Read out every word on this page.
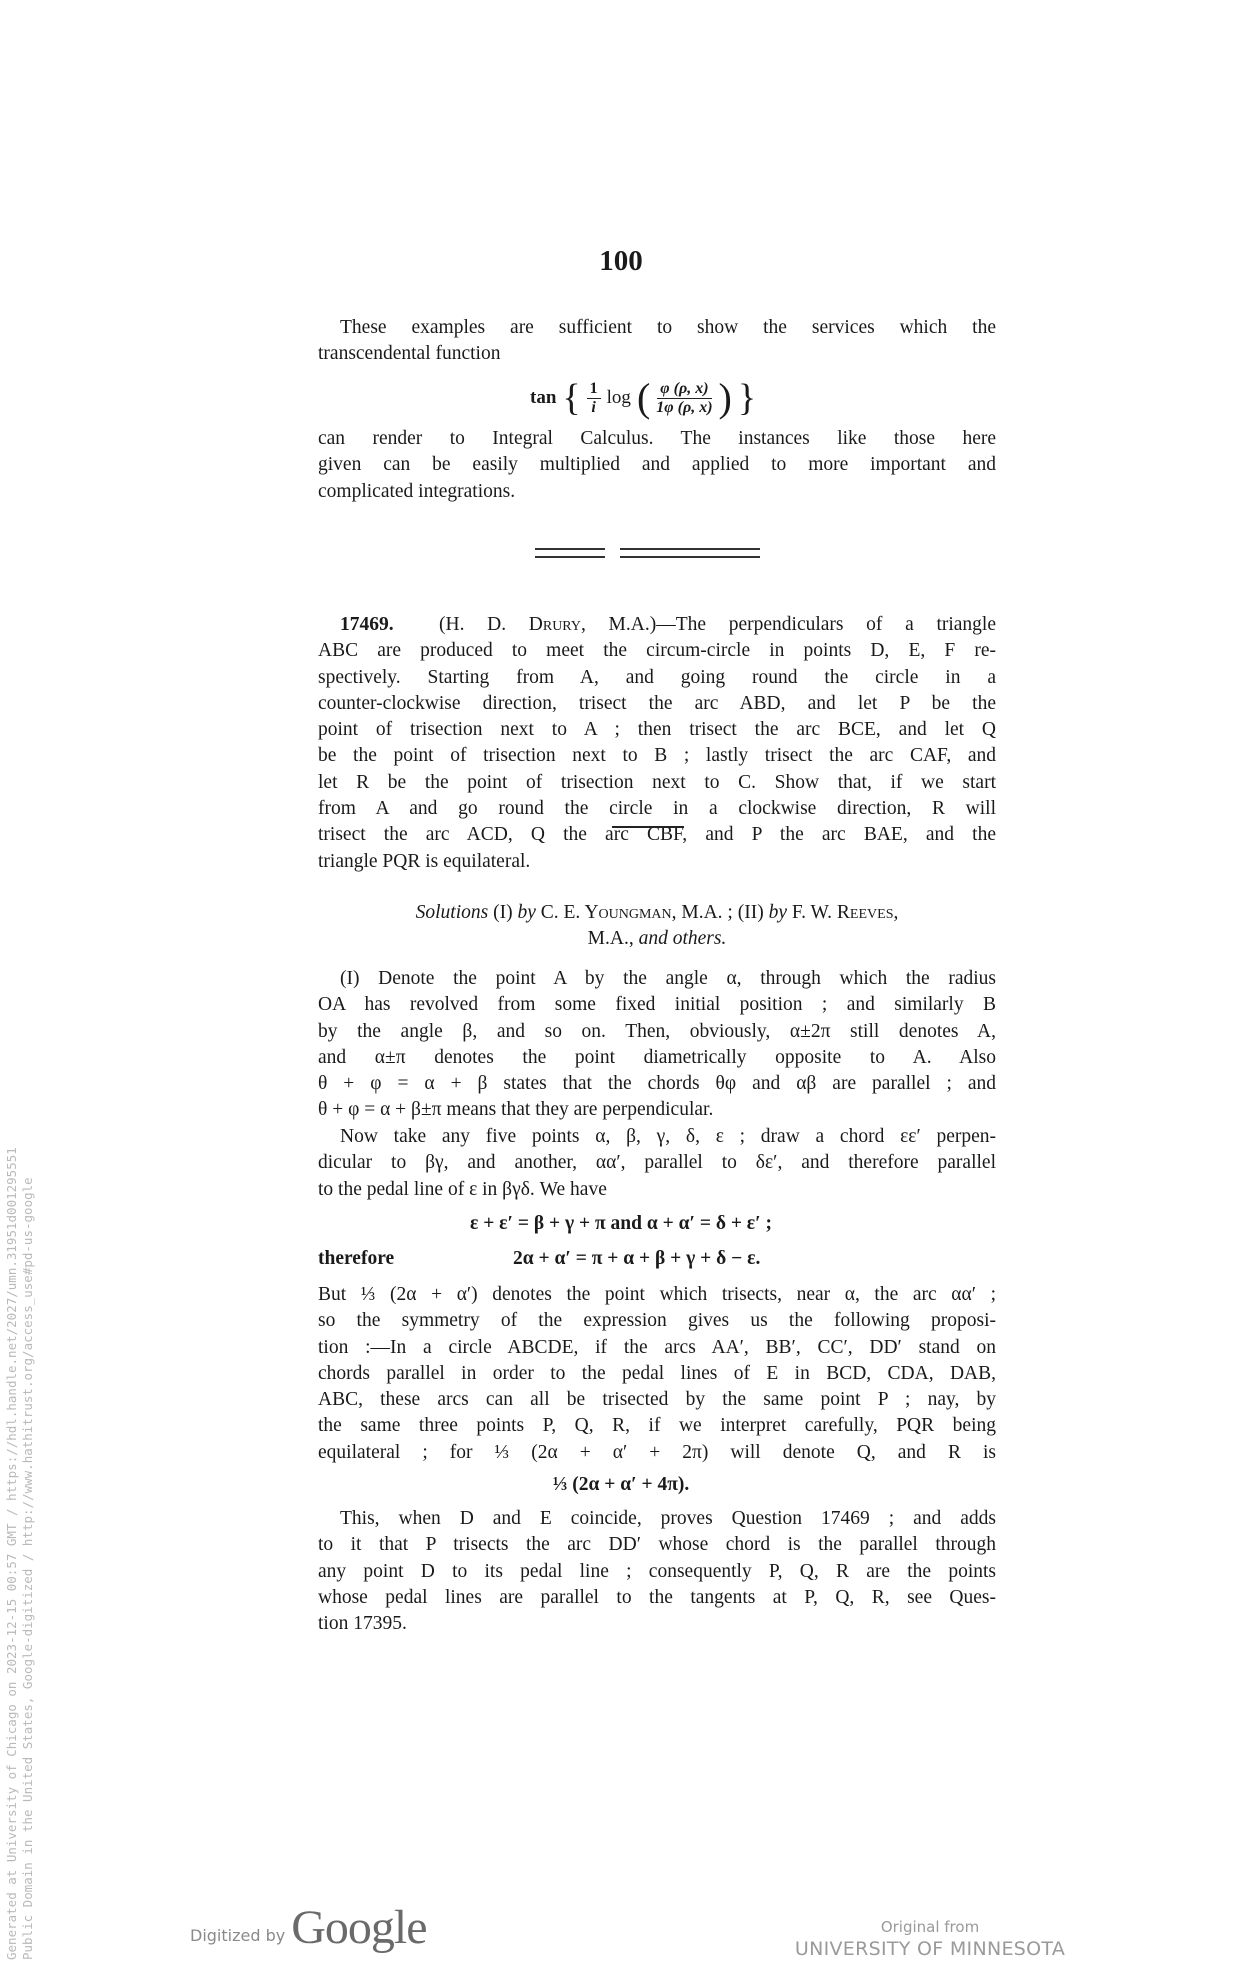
100
These examples are sufficient to show the services which the
transcendental function
tan { $\frac{1}{i}$ log ( $\frac{\varphi (\rho, x)}{1\varphi (\rho, x)}$ ) }
can render to Integral Calculus. The instances like those here
given can be easily multiplied and applied to more important and
complicated integrations.
17469. (H. D. Drury, M.A.)—The perpendiculars of a triangle
ABC are produced to meet the circum-circle in points D, E, F re-
spectively. Starting from A, and going round the circle in a
counter-clockwise direction, trisect the arc ABD, and let P be the
point of trisection next to A ; then trisect the arc BCE, and let Q
be the point of trisection next to B ; lastly trisect the arc CAF, and
let R be the point of trisection next to C. Show that, if we start
from A and go round the circle in a clockwise direction, R will
trisect the arc ACD, Q the arc CBF, and P the arc BAE, and the
triangle PQR is equilateral.
Solutions (I) by C. E. Youngman, M.A. ; (II) by F. W. Reeves,
M.A., and others.
(I) Denote the point A by the angle α, through which the radius
OA has revolved from some fixed initial position ; and similarly B
by the angle β, and so on. Then, obviously, α±2π still denotes A,
and α±π denotes the point diametrically opposite to A. Also
θ + φ = α + β states that the chords θφ and αβ are parallel ; and
θ + φ = α + β±π means that they are perpendicular.
Now take any five points α, β, γ, δ, ε ; draw a chord εε′ perpen-
dicular to βγ, and another, αα′, parallel to δε′, and therefore parallel
to the pedal line of ε in βγδ. We have
ε + ε′ = β + γ + π and α + α′ = δ + ε′ ;
therefore	2α + α′ = π + α + β + γ + δ − ε.
But ⅓ (2α + α′) denotes the point which trisects, near α, the arc αα′ ;
so the symmetry of the expression gives us the following proposi-
tion :—In a circle ABCDE, if the arcs AA′, BB′, CC′, DD′ stand on
chords parallel in order to the pedal lines of E in BCD, CDA, DAB,
ABC, these arcs can all be trisected by the same point P ; nay, by
the same three points P, Q, R, if we interpret carefully, PQR being
equilateral ; for ⅓ (2α + α′ + 2π) will denote Q, and R is
⅓ (2α + α′ + 4π).
This, when D and E coincide, proves Question 17469 ; and adds
to it that P trisects the arc DD′ whose chord is the parallel through
any point D to its pedal line ; consequently P, Q, R are the points
whose pedal lines are parallel to the tangents at P, Q, R, see Ques-
tion 17395.
Generated at University of Chicago on 2023-12-15 00:57 GMT / https://hdl.handle.net/2027/umn.31951d001295551 Public Domain in the United States, Google-digitized / http://www.hathitrust.org/access_use#pd-us-google	Digitized by Google	Original from
UNIVERSITY OF MINNESOTA
